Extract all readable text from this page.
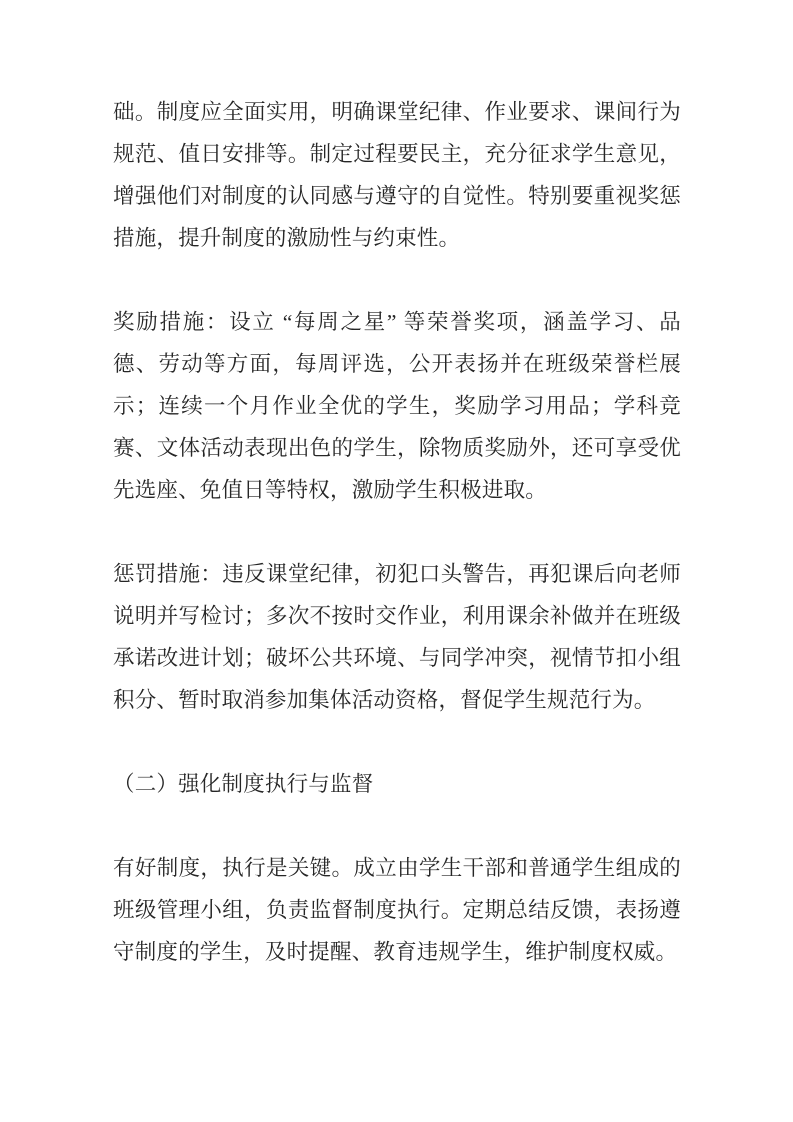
础。制度应全面实用，明确课堂纪律、作业要求、课间行为规范、值日安排等。制定过程要民主，充分征求学生意见，增强他们对制度的认同感与遵守的自觉性。特别要重视奖惩措施，提升制度的激励性与约束性。

奖励措施：设立 “每周之星” 等荣誉奖项，涵盖学习、品德、劳动等方面，每周评选，公开表扬并在班级荣誉栏展示；连续一个月作业全优的学生，奖励学习用品；学科竞赛、文体活动表现出色的学生，除物质奖励外，还可享受优先选座、免值日等特权，激励学生积极进取。

惩罚措施：违反课堂纪律，初犯口头警告，再犯课后向老师说明并写检讨；多次不按时交作业，利用课余补做并在班级承诺改进计划；破坏公共环境、与同学冲突，视情节扣小组积分、暂时取消参加集体活动资格，督促学生规范行为。

（二）强化制度执行与监督

有好制度，执行是关键。成立由学生干部和普通学生组成的班级管理小组，负责监督制度执行。定期总结反馈，表扬遵守制度的学生，及时提醒、教育违规学生，维护制度权威。
